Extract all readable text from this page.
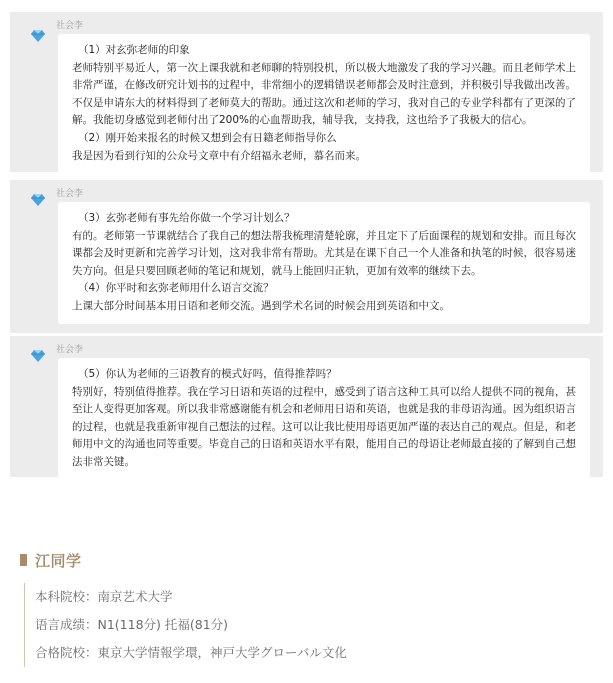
社会李

（1）对玄弥老师的印象

老师特别平易近人，第一次上课我就和老师聊的特别投机，所以极大地激发了我的学习兴趣。而且老师学术上非常严谨，在修改研究计划书的过程中，非常细小的逻辑错误老师都会及时注意到，并积极引导我做出改善。不仅是申请东大的材料得到了老师莫大的帮助。通过这次和老师的学习，我对自己的专业学科都有了更深的了解。我能切身感觉到老师付出了200%的心血帮助我，辅导我，支持我，这也给予了我极大的信心。

（2）刚开始来报名的时候又想到会有日籍老师指导你么

我是因为看到行知的公众号文章中有介绍福永老师，慕名而来。

社会李

（3）玄弥老师有事先给你做一个学习计划么？

有的。老师第一节课就结合了我自己的想法帮我梳理清楚轮廓，并且定下了后面课程的规划和安排。而且每次课都会及时更新和完善学习计划，这对我非常有帮助。尤其是在课下自己一个人准备和执笔的时候，很容易迷失方向。但是只要回顾老师的笔记和规划，就马上能回归正轨，更加有效率的继续下去。

（4）你平时和玄弥老师用什么语言交流？

上课大部分时间基本用日语和老师交流。遇到学术名词的时候会用到英语和中文。

社会李

（5）你认为老师的三语教育的模式好吗，值得推荐吗？

特别好，特别值得推荐。我在学习日语和英语的过程中，感受到了语言这种工具可以给人提供不同的视角，甚至让人变得更加客观。所以我非常感谢能有机会和老师用日语和英语，也就是我的非母语沟通。因为组织语言的过程，也就是我重新审视自己想法的过程。这可以让我比使用母语更加严谨的表达自己的观点。但是，和老师用中文的沟通也同等重要。毕竟自己的日语和英语水平有限，能用自己的母语让老师最直接的了解到自己想法非常关键。

江同学
本科院校：南京艺术大学
语言成绩：N1(118分) 托福(81分)
合格院校：東京大学情報学環，神戸大学グローバル文化
